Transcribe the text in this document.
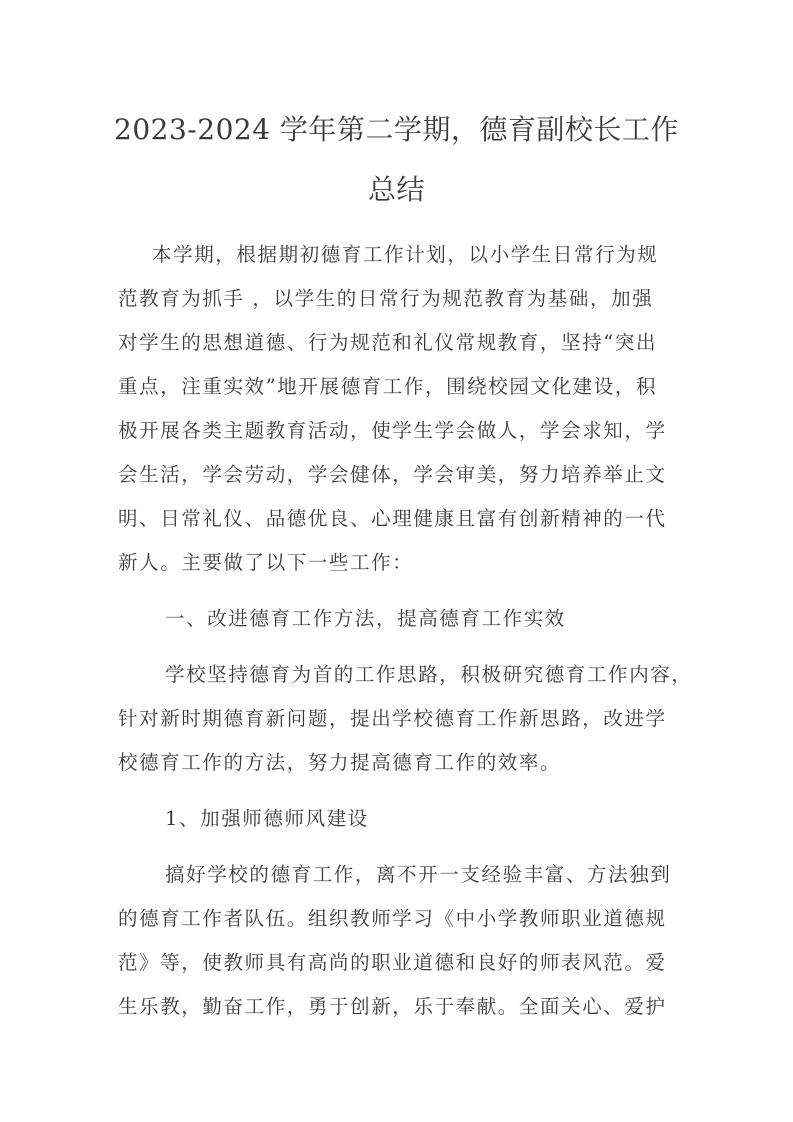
2023-2024 学年第二学期，德育副校长工作
总结
本学期，根据期初德育工作计划，以小学生日常行为规
范教育为抓手 ，以学生的日常行为规范教育为基础，加强
对学生的思想道德、行为规范和礼仪常规教育，坚持“突出
重点，注重实效”地开展德育工作，围绕校园文化建设，积
极开展各类主题教育活动，使学生学会做人，学会求知，学
会生活，学会劳动，学会健体，学会审美，努力培养举止文
明、日常礼仪、品德优良、心理健康且富有创新精神的一代
新人。主要做了以下一些工作：
一、改进德育工作方法，提高德育工作实效
学校坚持德育为首的工作思路，积极研究德育工作内容，
针对新时期德育新问题，提出学校德育工作新思路，改进学
校德育工作的方法，努力提高德育工作的效率。
1、加强师德师风建设
搞好学校的德育工作，离不开一支经验丰富、方法独到
的德育工作者队伍。组织教师学习《中小学教师职业道德规
范》等，使教师具有高尚的职业道德和良好的师表风范。爱
生乐教，勤奋工作，勇于创新，乐于奉献。全面关心、爱护
